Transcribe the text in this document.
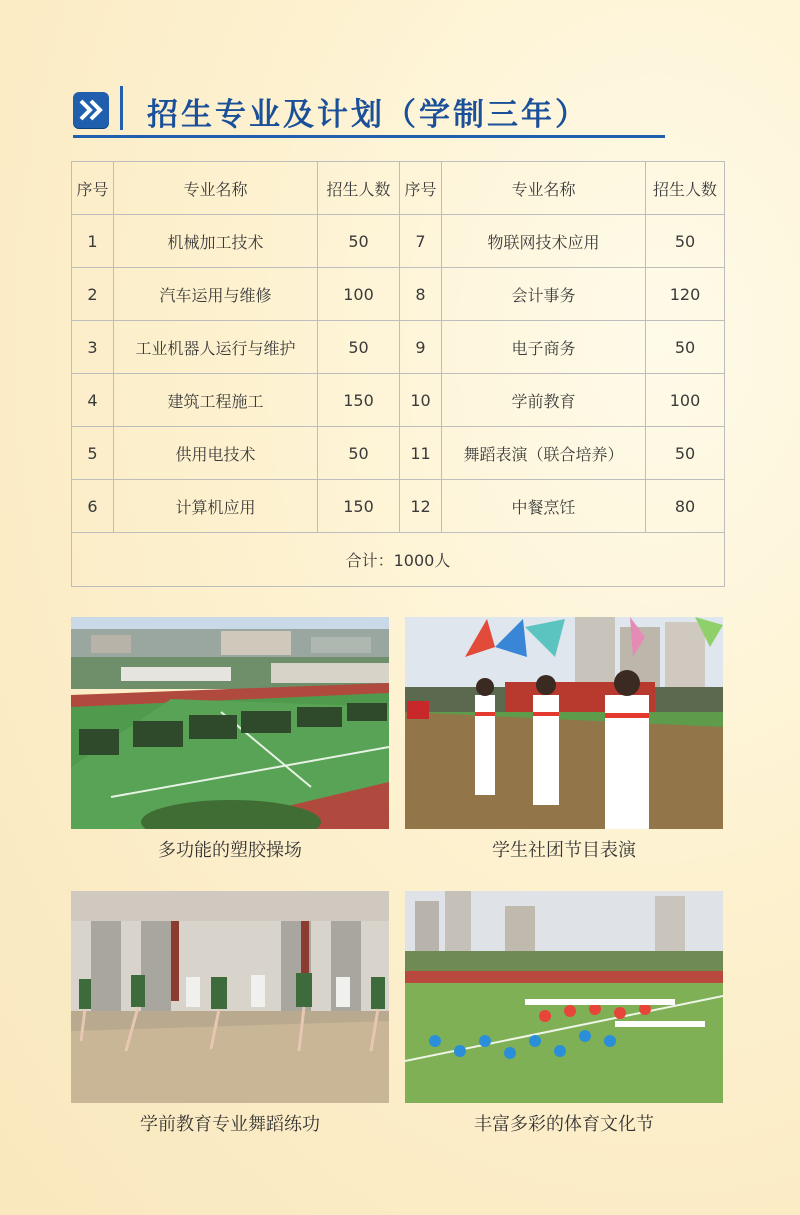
招生专业及计划（学制三年）
序号	专业名称	招生人数	序号	专业名称	招生人数
1	机械加工技术	50	7	物联网技术应用	50
2	汽车运用与维修	100	8	会计事务	120
3	工业机器人运行与维护	50	9	电子商务	50
4	建筑工程施工	150	10	学前教育	100
5	供用电技术	50	11	舞蹈表演（联合培养）	50
6	计算机应用	150	12	中餐烹饪	80
合计：1000人					
多功能的塑胶操场	学生社团节目表演
学前教育专业舞蹈练功	丰富多彩的体育文化节
